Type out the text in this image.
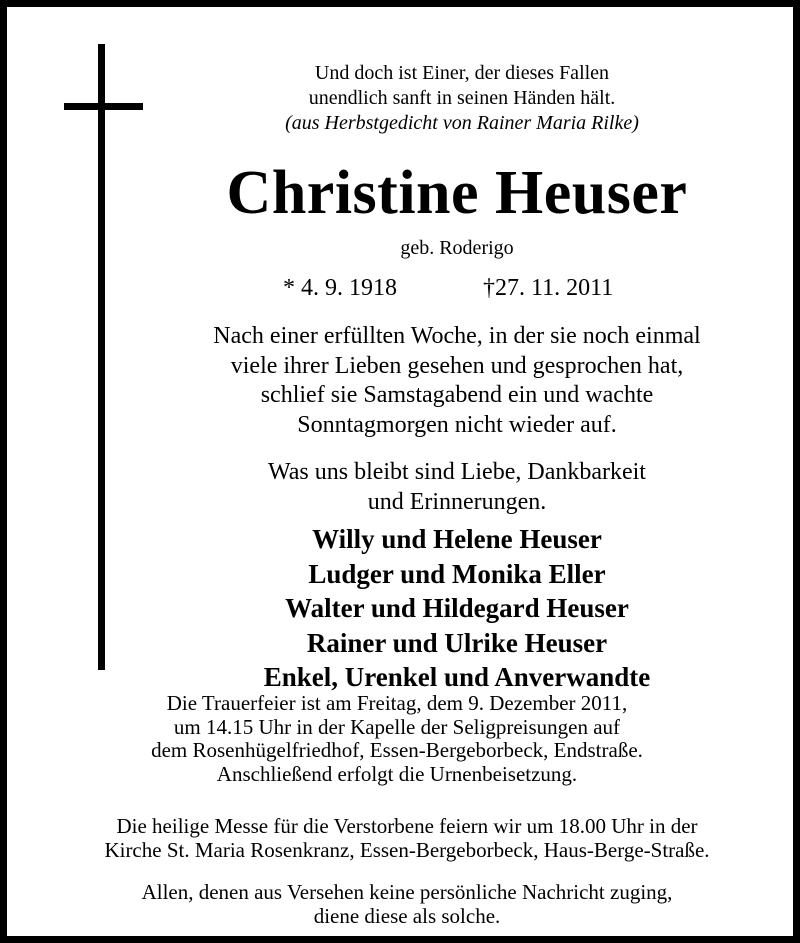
Und doch ist Einer, der dieses Fallen
unendlich sanft in seinen Händen hält.
(aus Herbstgedicht von Rainer Maria Rilke)
Christine Heuser
geb. Roderigo
* 4. 9. 1918	†27. 11. 2011
Nach einer erfüllten Woche, in der sie noch einmal
viele ihrer Lieben gesehen und gesprochen hat,
schlief sie Samstagabend ein und wachte
Sonntagmorgen nicht wieder auf.
Was uns bleibt sind Liebe, Dankbarkeit
und Erinnerungen.
Willy und Helene Heuser
Ludger und Monika Eller
Walter und Hildegard Heuser
Rainer und Ulrike Heuser
Enkel, Urenkel und Anverwandte
Die Trauerfeier ist am Freitag, dem 9. Dezember 2011,
um 14.15 Uhr in der Kapelle der Seligpreisungen auf
dem Rosenhügelfriedhof, Essen-Bergeborbeck, Endstraße.
Anschließend erfolgt die Urnenbeisetzung.
Die heilige Messe für die Verstorbene feiern wir um 18.00 Uhr in der
Kirche St. Maria Rosenkranz, Essen-Bergeborbeck, Haus-Berge-Straße.
Allen, denen aus Versehen keine persönliche Nachricht zuging,
diene diese als solche.
